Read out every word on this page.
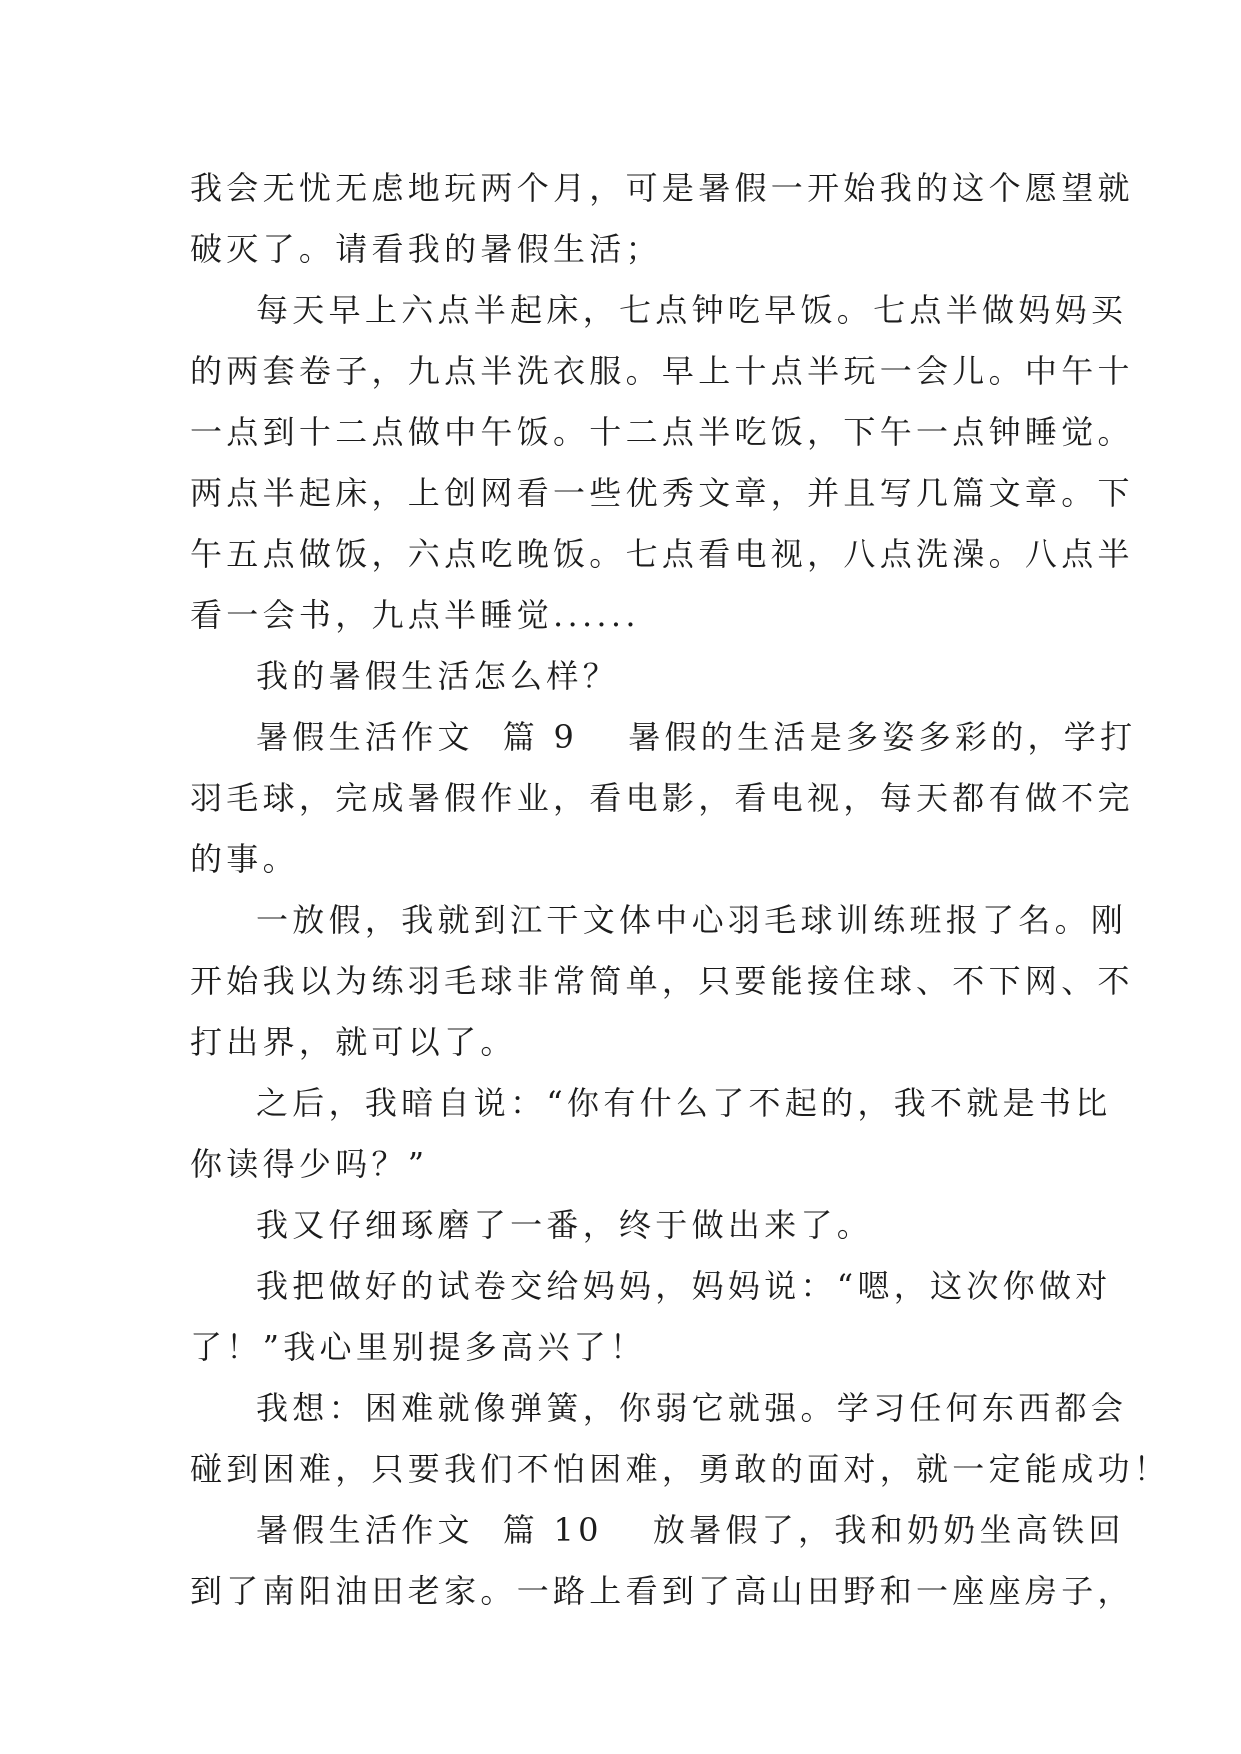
我会无忧无虑地玩两个月，可是暑假一开始我的这个愿望就
破灭了。请看我的暑假生活；
每天早上六点半起床，七点钟吃早饭。七点半做妈妈买
的两套卷子，九点半洗衣服。早上十点半玩一会儿。中午十
一点到十二点做中午饭。十二点半吃饭，下午一点钟睡觉。
两点半起床，上创网看一些优秀文章，并且写几篇文章。下
午五点做饭，六点吃晚饭。七点看电视，八点洗澡。八点半
看一会书，九点半睡觉......
我的暑假生活怎么样？
暑假生活作文  篇 9 暑假的生活是多姿多彩的，学打
羽毛球，完成暑假作业，看电影，看电视，每天都有做不完
的事。
一放假，我就到江干文体中心羽毛球训练班报了名。刚
开始我以为练羽毛球非常简单，只要能接住球、不下网、不
打出界，就可以了。
之后，我暗自说：“你有什么了不起的，我不就是书比
你读得少吗？”
我又仔细琢磨了一番，终于做出来了。
我把做好的试卷交给妈妈，妈妈说：“嗯，这次你做对
了！”我心里别提多高兴了！
我想：困难就像弹簧，你弱它就强。学习任何东西都会
碰到困难，只要我们不怕困难，勇敢的面对，就一定能成功！
暑假生活作文  篇 10 放暑假了，我和奶奶坐高铁回
到了南阳油田老家。一路上看到了高山田野和一座座房子，
